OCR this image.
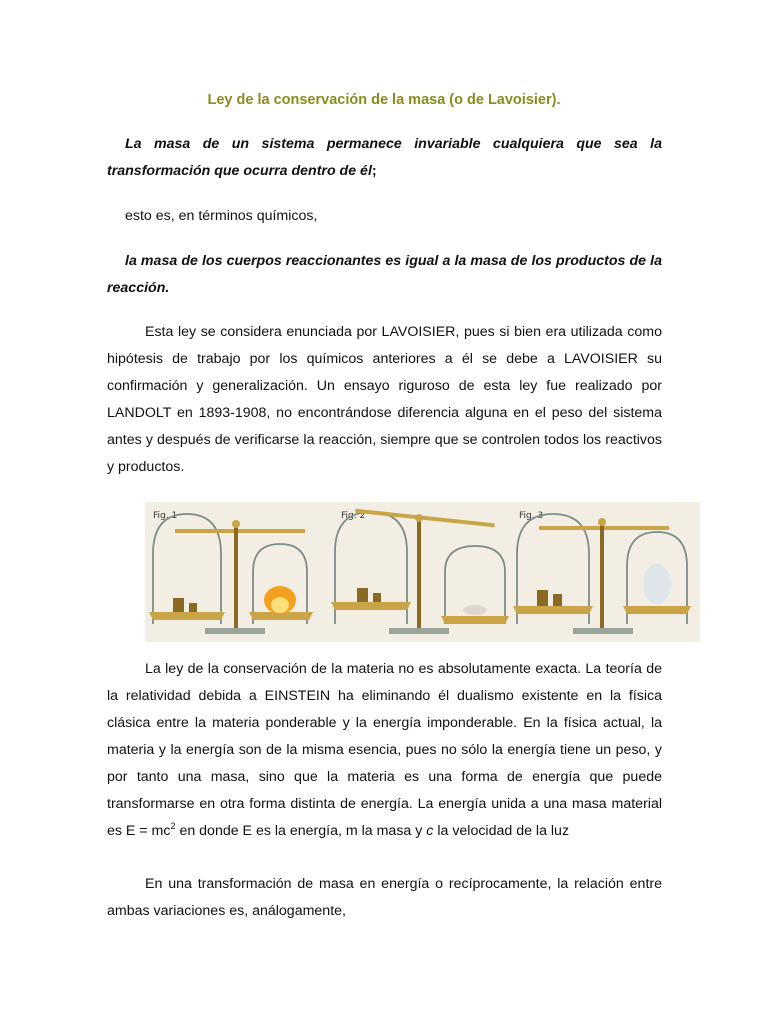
Ley de la conservación de la masa (o de Lavoisier).

La masa de un sistema permanece invariable cualquiera que sea la transformación que ocurra dentro de él;

esto es, en términos químicos,

la masa de los cuerpos reaccionantes es igual a la masa de los productos de la reacción.

Esta ley se considera enunciada por LAVOISIER, pues si bien era utilizada como hipótesis de trabajo por los químicos anteriores a él se debe a LAVOISIER su confirmación y generalización. Un ensayo riguroso de esta ley fue realizado por LANDOLT en 1893-1908, no encontrándose diferencia alguna en el peso del sistema antes y después de verificarse la reacción, siempre que se controlen todos los reactivos y productos.

Fig. 1	Fig. 2	Fig. 3

La ley de la conservación de la materia no es absolutamente exacta. La teoría de la relatividad debida a EINSTEIN ha eliminando él dualismo existente en la física clásica entre la materia ponderable y la energía imponderable. En la física actual, la materia y la energía son de la misma esencia, pues no sólo la energía tiene un peso, y por tanto una masa, sino que la materia es una forma de energía que puede transformarse en otra forma distinta de energía. La energía unida a una masa material es $E = mc^2$ en donde E es la energía, m la masa y c la velocidad de la luz

En una transformación de masa en energía o recíprocamente, la relación entre ambas variaciones es, análogamente,
